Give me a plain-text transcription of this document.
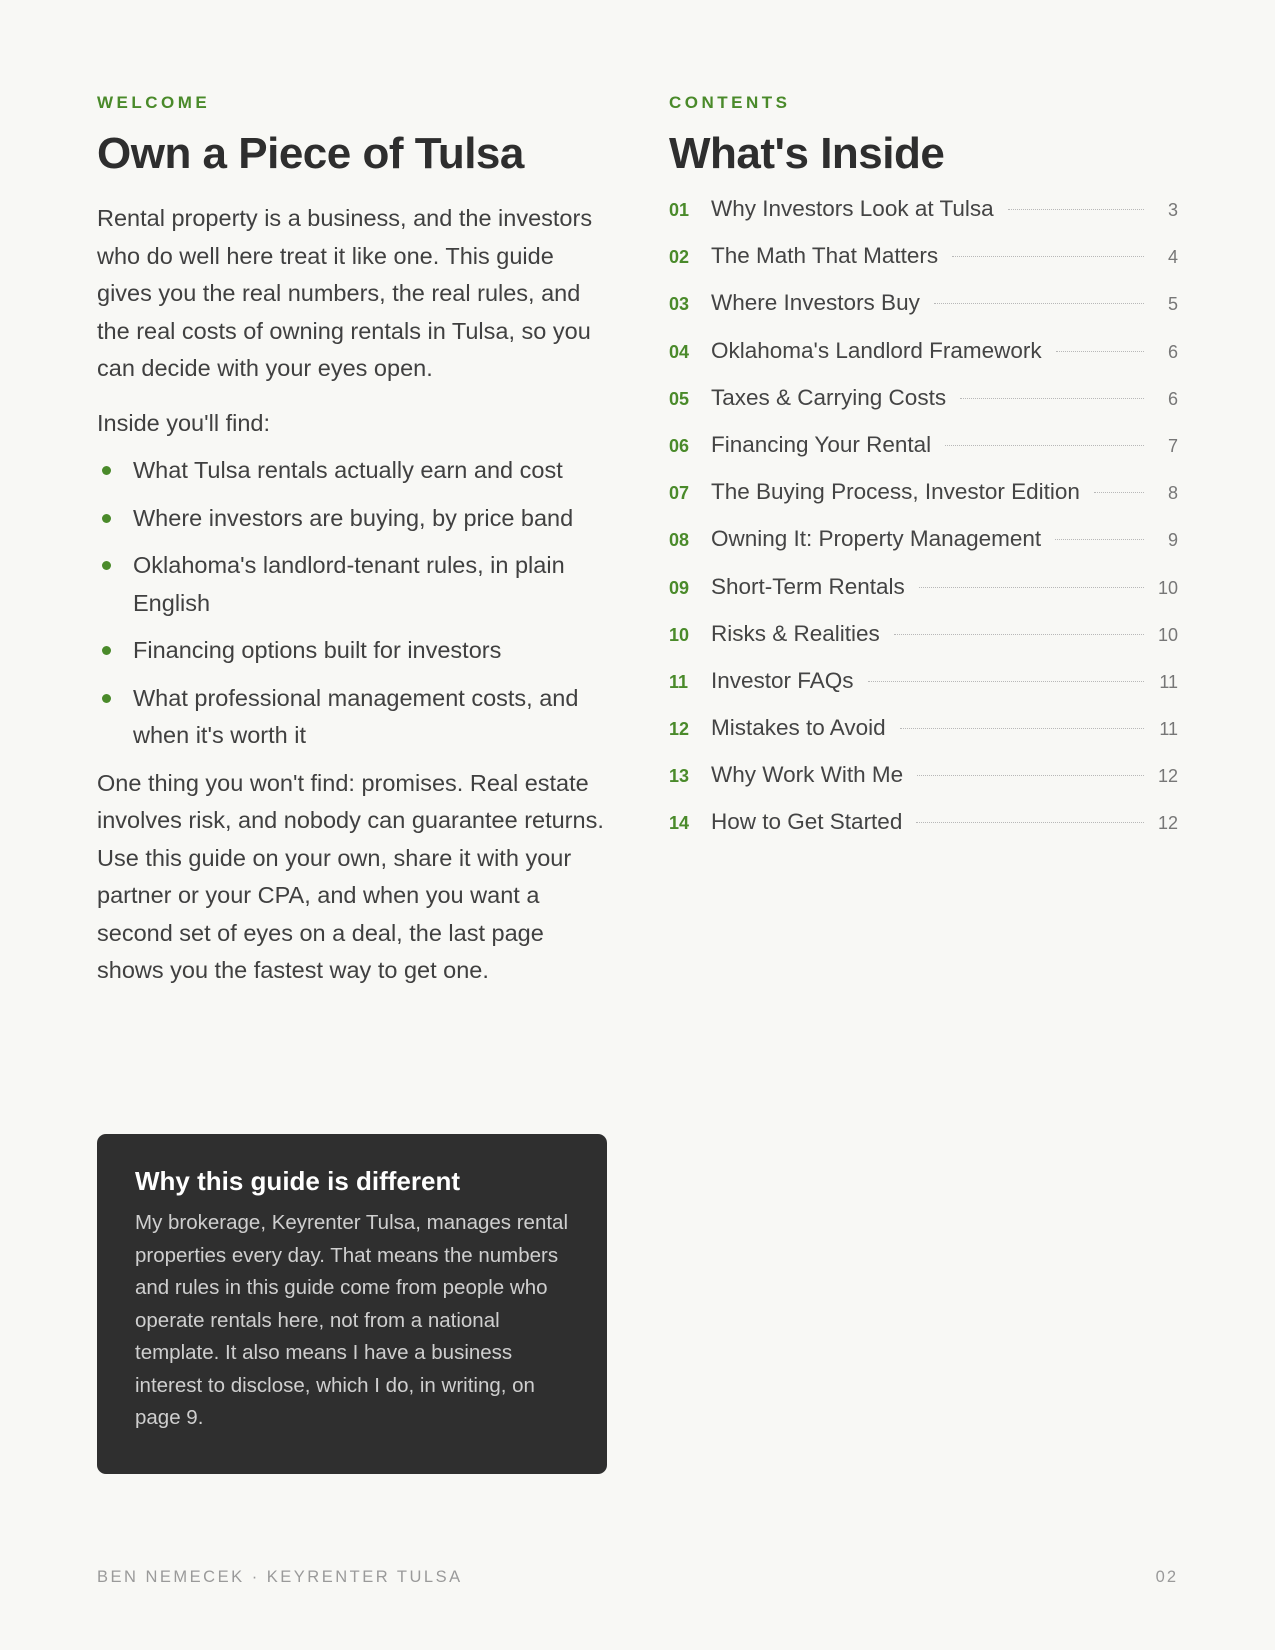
WELCOME
Own a Piece of Tulsa

Rental property is a business, and the investors who do well here treat it like one. This guide gives you the real numbers, the real rules, and the real costs of owning rentals in Tulsa, so you can decide with your eyes open.

Inside you'll find:

What Tulsa rentals actually earn and cost
Where investors are buying, by price band
Oklahoma's landlord-tenant rules, in plain English
Financing options built for investors
What professional management costs, and when it's worth it

One thing you won't find: promises. Real estate involves risk, and nobody can guarantee returns. Use this guide on your own, share it with your partner or your CPA, and when you want a second set of eyes on a deal, the last page shows you the fastest way to get one.

Why this guide is different
My brokerage, Keyrenter Tulsa, manages rental properties every day. That means the numbers and rules in this guide come from people who operate rentals here, not from a national template. It also means I have a business interest to disclose, which I do, in writing, on page 9.
CONTENTS
What's Inside
01 Why Investors Look at Tulsa	3
02 The Math That Matters	4
03 Where Investors Buy	5
04 Oklahoma's Landlord Framework	6
05 Taxes & Carrying Costs	6
06 Financing Your Rental	7
07 The Buying Process, Investor Edition	8
08 Owning It: Property Management	9
09 Short-Term Rentals	10
10 Risks & Realities	10
11	Investor FAQs	11
12 Mistakes to Avoid	11
13 Why Work With Me	12
14 How to Get Started	12
BEN NEMECEK · KEYRENTER TULSA	02
